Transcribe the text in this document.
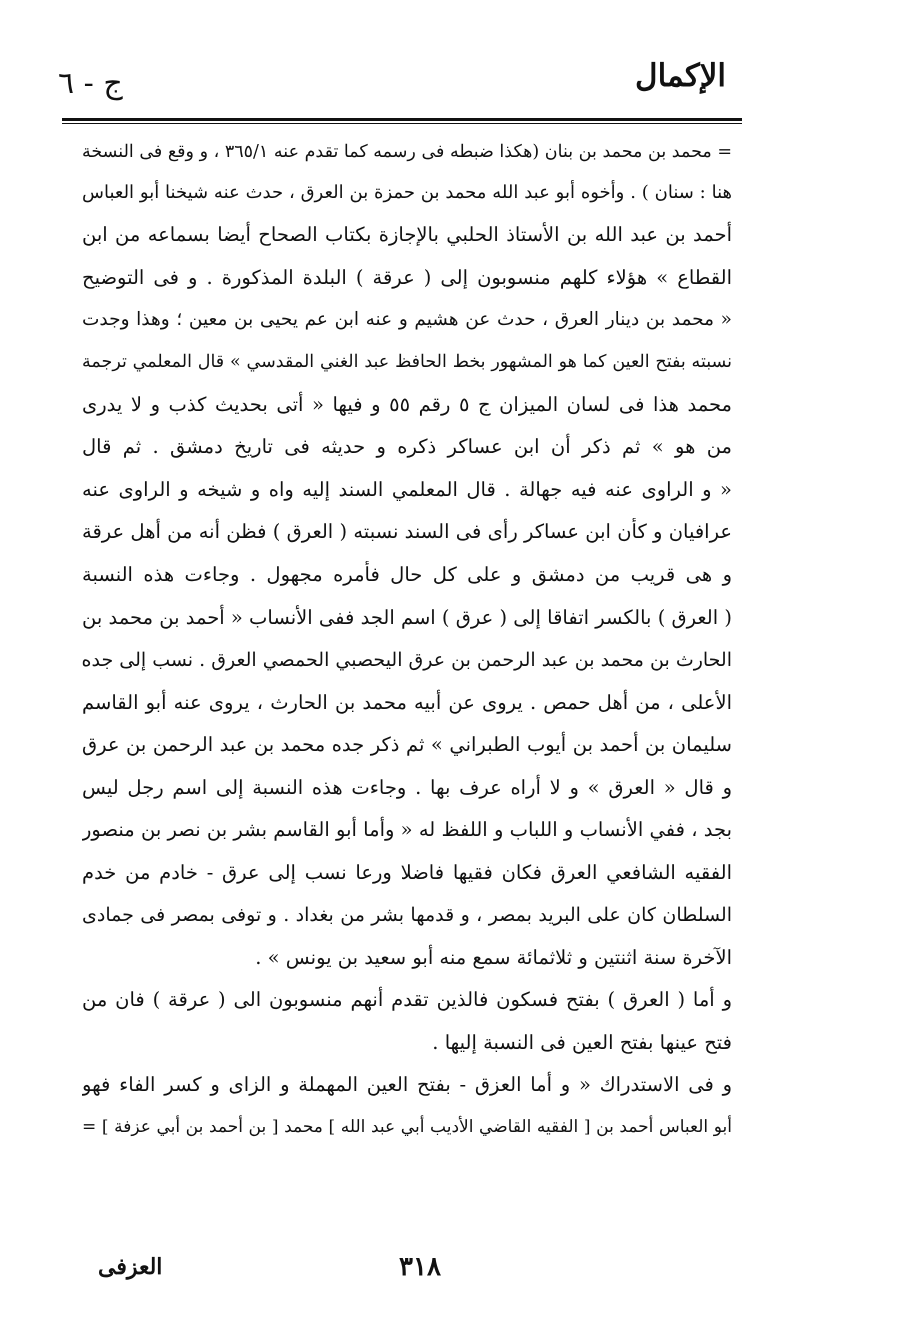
الإكمال
ج - ٦
= محمد بن محمد بن بنان (هكذا ضبطه فى رسمه كما تقدم عنه ٣٦٥/١ ، و وقع فى النسخة
هنا : سنان ) . وأخوه أبو عبد الله محمد بن حمزة بن العرق ، حدث عنه شيخنا أبو العباس
أحمد بن عبد الله بن الأستاذ الحلبي بالإجازة بكتاب الصحاح أيضا بسماعه من ابن
القطاع » هؤلاء كلهم منسوبون إلى ( عرقة ) البلدة المذكورة . و فى التوضيح
« محمد بن دينار العرق ، حدث عن هشيم و عنه ابن عم يحيى بن معين ؛ وهذا وجدت
نسبته بفتح العين كما هو المشهور بخط الحافظ عبد الغني المقدسي » قال المعلمي ترجمة
محمد هذا فى لسان الميزان ج ٥ رقم ٥٥ و فيها « أتى بحديث كذب و لا يدرى
من هو » ثم ذكر أن ابن عساكر ذكره و حديثه فى تاريخ دمشق . ثم قال
« و الراوى عنه فيه جهالة . قال المعلمي السند إليه واه و شيخه و الراوى عنه
عرافيان و كأن ابن عساكر رأى فى السند نسبته ( العرق ) فظن أنه من أهل عرقة
و هى قريب من دمشق و على كل حال فأمره مجهول . وجاءت هذه النسبة
( العرق ) بالكسر اتفاقا إلى ( عرق ) اسم الجد ففى الأنساب « أحمد بن محمد بن
الحارث بن محمد بن عبد الرحمن بن عرق اليحصبي الحمصي العرق . نسب إلى جده
الأعلى ، من أهل حمص . يروى عن أبيه محمد بن الحارث ، يروى عنه أبو القاسم
سليمان بن أحمد بن أيوب الطبراني » ثم ذكر جده محمد بن عبد الرحمن بن عرق
و قال « العرق » و لا أراه عرف بها . وجاءت هذه النسبة إلى اسم رجل ليس
بجد ، ففي الأنساب و اللباب و اللفظ له « وأما أبو القاسم بشر بن نصر بن منصور
الفقيه الشافعي العرق فكان فقيها فاضلا ورعا نسب إلى عرق - خادم من خدم
السلطان كان على البريد بمصر ، و قدمها بشر من بغداد . و توفى بمصر فى جمادى
الآخرة سنة اثنتين و ثلاثمائة سمع منه أبو سعيد بن يونس » .
و أما ( العرق ) بفتح فسكون فالذين تقدم أنهم منسوبون الى ( عرقة ) فان من
فتح عينها بفتح العين فى النسبة إليها .
و فى الاستدراك « و أما العزق - بفتح العين المهملة و الزاى و كسر الفاء فهو
أبو العباس أحمد بن [ الفقيه القاضي الأديب أبي عبد الله ] محمد [ بن أحمد بن أبي عزفة ] =
٣١٨
العزفى
